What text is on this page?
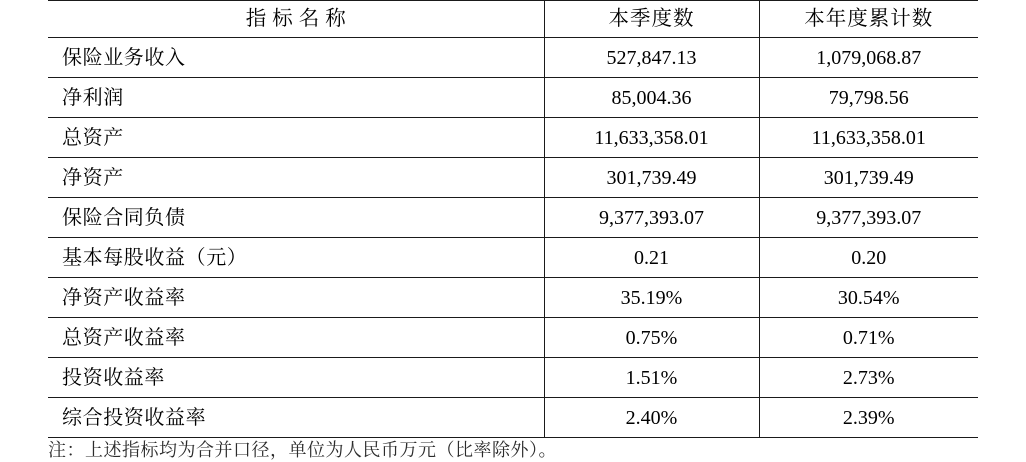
指标名称	本季度数	本年度累计数
保险业务收入	527,847.13	1,079,068.87
净利润	85,004.36	79,798.56
总资产	11,633,358.01	11,633,358.01
净资产	301,739.49	301,739.49
保险合同负债	9,377,393.07	9,377,393.07
基本每股收益（元）	0.21	0.20
净资产收益率	35.19%	30.54%
总资产收益率	0.75%	0.71%
投资收益率	1.51%	2.73%
综合投资收益率	2.40%	2.39%
注：上述指标均为合并口径，单位为人民币万元（比率除外）。
